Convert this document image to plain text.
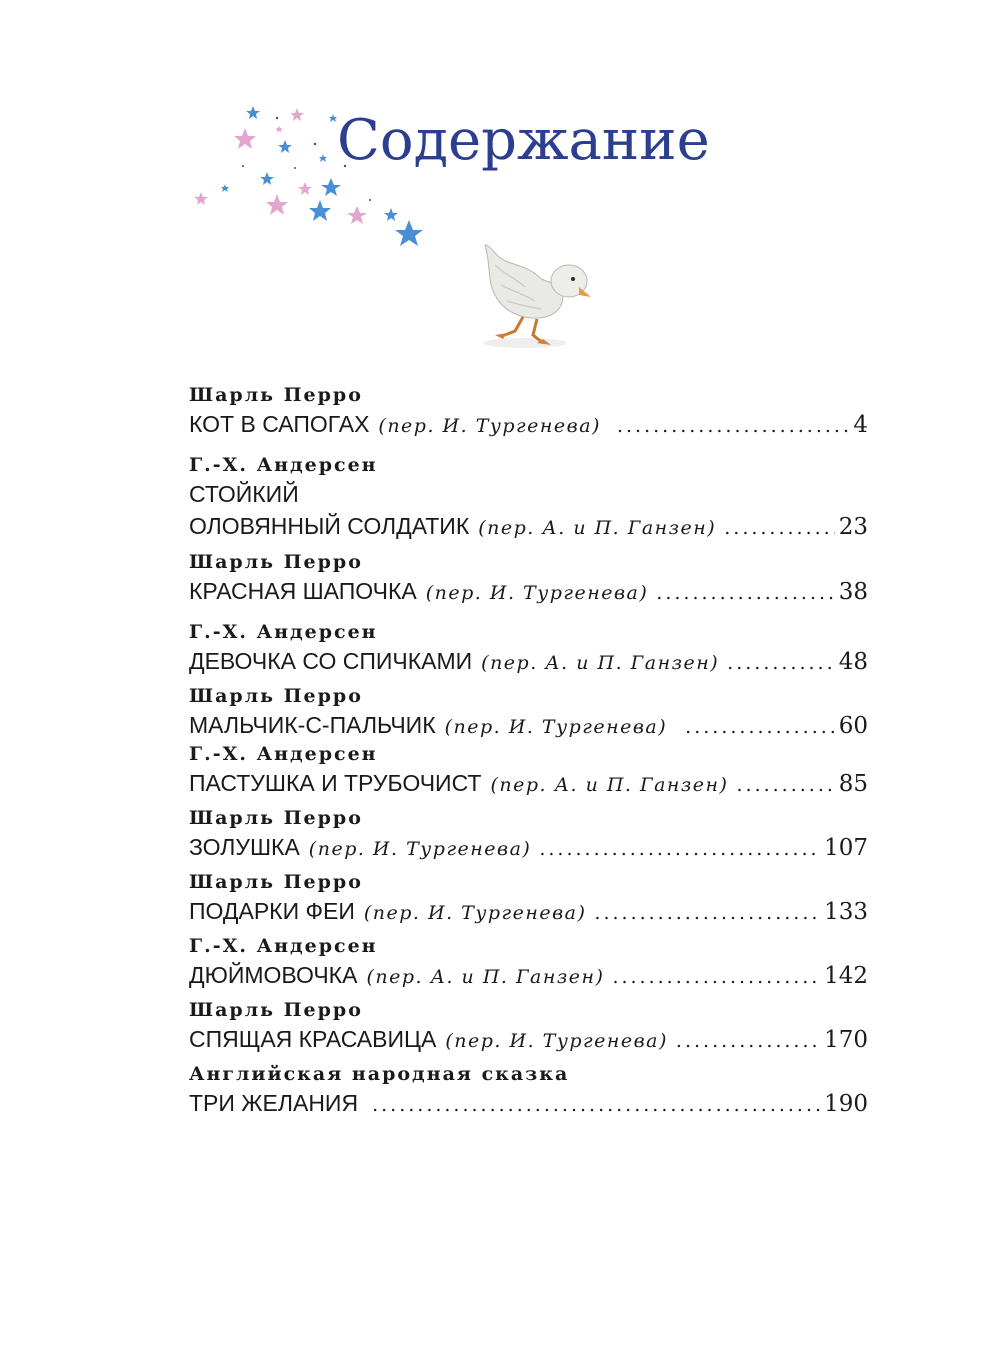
Содержание
Шарль Перро
КОТ В САПОГАХ (пер. И. Тургенева) .....	4
Г.-Х. Андерсен
СТОЙКИЙ
ОЛОВЯННЫЙ СОЛДАТИК (пер. А. и П. Ганзен) .....	23
Шарль Перро
КРАСНАЯ ШАПОЧКА (пер. И. Тургенева) .....	38
Г.-Х. Андерсен
ДЕВОЧКА СО СПИЧКАМИ (пер. А. и П. Ганзен) .....	48
Шарль Перро
МАЛЬЧИК-С-ПАЛЬЧИК (пер. И. Тургенева) .....	60
Г.-Х. Андерсен
ПАСТУШКА И ТРУБОЧИСТ (пер. А. и П. Ганзен) .....	85
Шарль Перро
ЗОЛУШКА (пер. И. Тургенева) .....	107
Шарль Перро
ПОДАРКИ ФЕИ (пер. И. Тургенева) .....	133
Г.-Х. Андерсен
ДЮЙМОВОЧКА (пер. А. и П. Ганзен) .....	142
Шарль Перро
СПЯЩАЯ КРАСАВИЦА (пер. И. Тургенева) .....	170
Английская народная сказка
ТРИ ЖЕЛАНИЯ .....	190
